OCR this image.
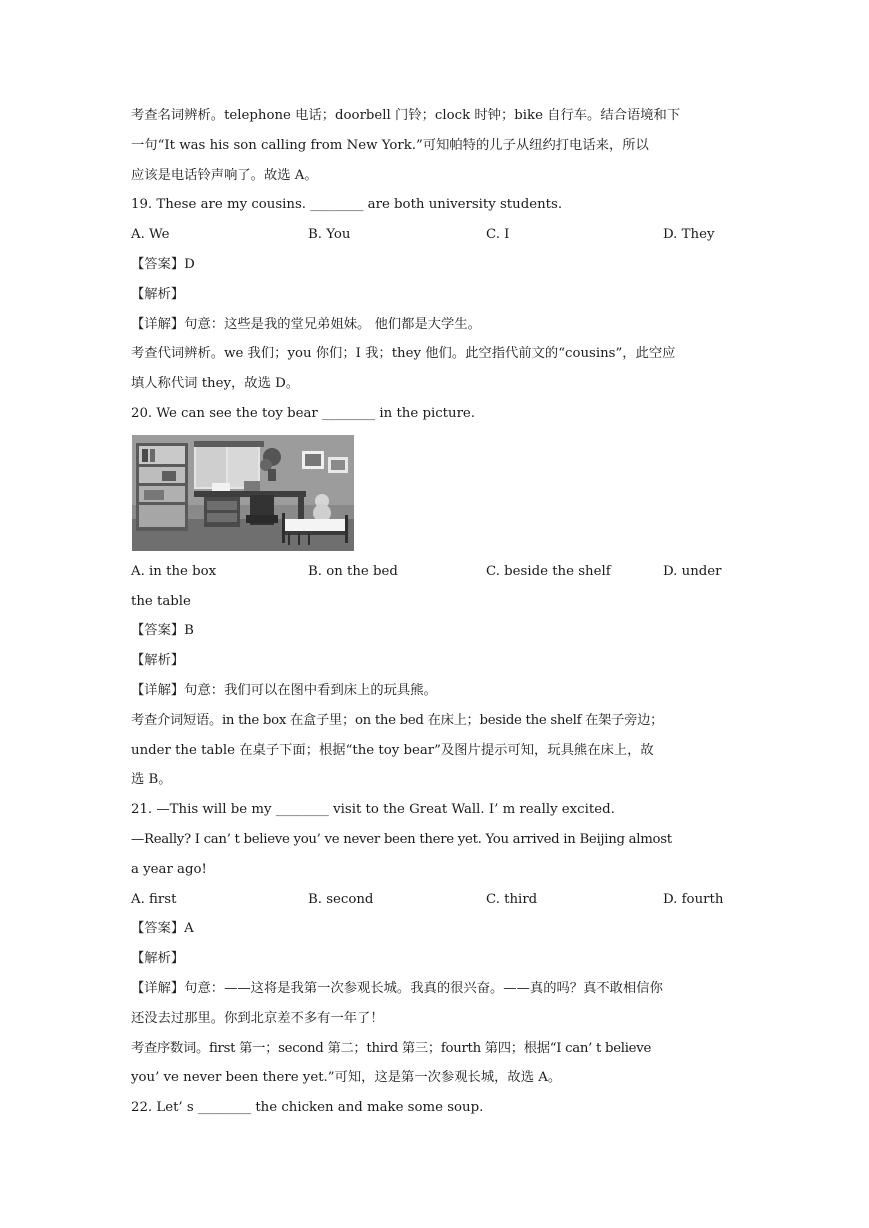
考查名词辨析。telephone 电话；doorbell 门铃；clock 时钟；bike 自行车。结合语境和下
一句“It was his son calling from New York.”可知帕特的儿子从纽约打电话来，所以
应该是电话铃声响了。故选 A。
19. These are my cousins. ________ are both university students.
A. We	B. You	C. I	D. They
【答案】D
【解析】
【详解】句意：这些是我的堂兄弟姐妹。 他们都是大学生。
考查代词辨析。we 我们；you 你们；I 我；they 他们。此空指代前文的“cousins”，此空应
填人称代词 they，故选 D。
20. We can see the toy bear ________ in the picture.
A. in the box	B. on the bed	C. beside the shelf	D. under
the table
【答案】B
【解析】
【详解】句意：我们可以在图中看到床上的玩具熊。
考查介词短语。in the box 在盒子里；on the bed 在床上；beside the shelf 在架子旁边；
under the table 在桌子下面；根据“the toy bear”及图片提示可知，玩具熊在床上，故
选 B。
21. —This will be my ________ visit to the Great Wall. I’ m really excited.
—Really? I can’ t believe you’ ve never been there yet. You arrived in Beijing almost
a year ago!
A. first	B. second	C. third	D. fourth
【答案】A
【解析】
【详解】句意：——这将是我第一次参观长城。我真的很兴奋。——真的吗？真不敢相信你
还没去过那里。你到北京差不多有一年了！
考查序数词。first 第一；second 第二；third 第三；fourth 第四；根据“I can’ t believe
you’ ve never been there yet.”可知，这是第一次参观长城，故选 A。
22. Let’ s ________ the chicken and make some soup.
